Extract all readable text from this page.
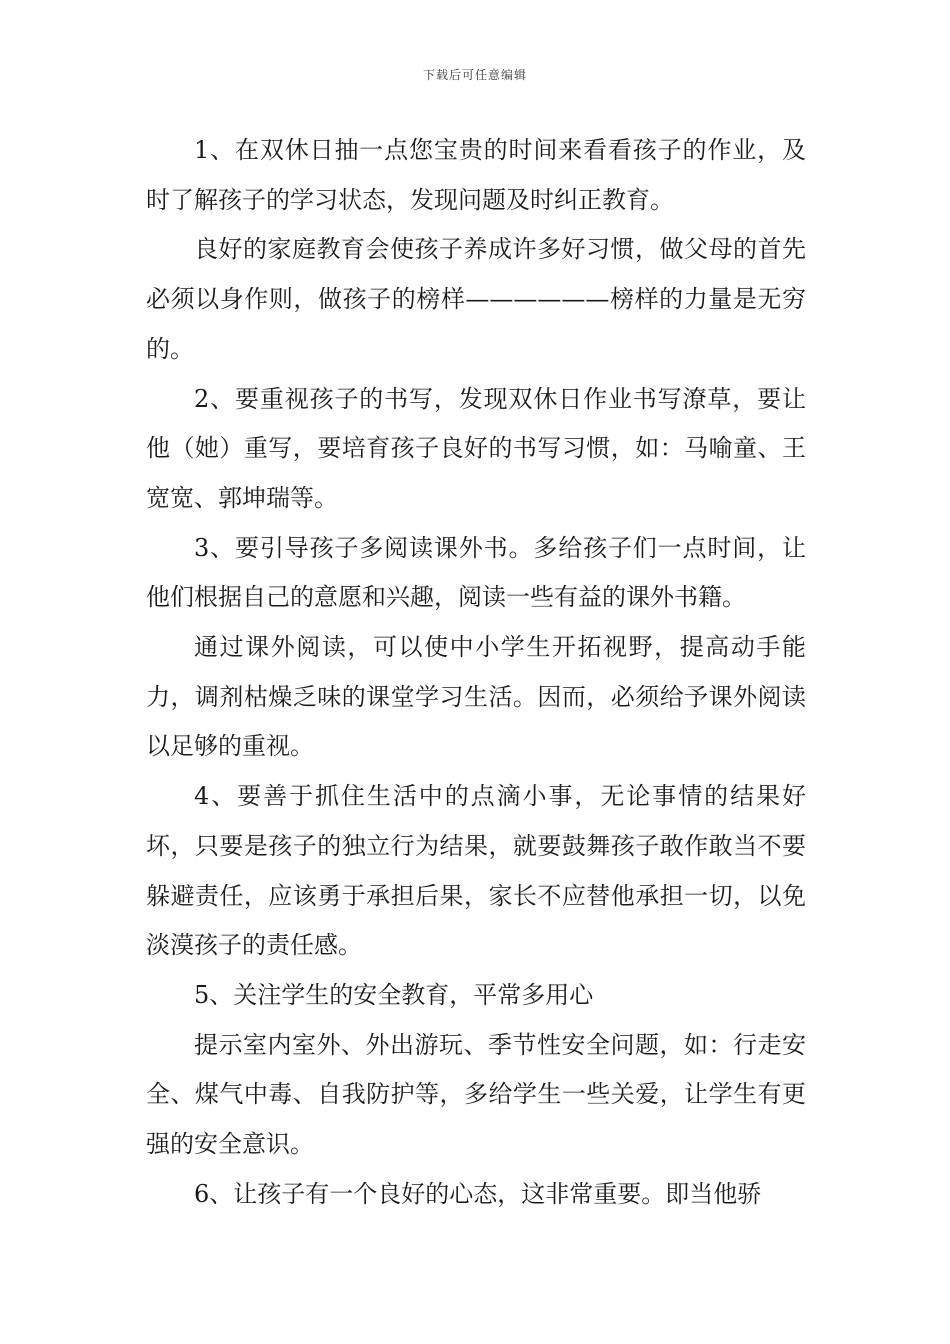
下载后可任意编辑

1、在双休日抽一点您宝贵的时间来看看孩子的作业，及时了解孩子的学习状态，发现问题及时纠正教育。

良好的家庭教育会使孩子养成许多好习惯，做父母的首先必须以身作则，做孩子的榜样——————榜样的力量是无穷的。

2、要重视孩子的书写，发现双休日作业书写潦草，要让他（她）重写，要培育孩子良好的书写习惯，如：马喻童、王宽宽、郭坤瑞等。

3、要引导孩子多阅读课外书。多给孩子们一点时间，让他们根据自己的意愿和兴趣，阅读一些有益的课外书籍。

通过课外阅读，可以使中小学生开拓视野，提高动手能力，调剂枯燥乏味的课堂学习生活。因而，必须给予课外阅读以足够的重视。

4、要善于抓住生活中的点滴小事，无论事情的结果好坏，只要是孩子的独立行为结果，就要鼓舞孩子敢作敢当不要躲避责任，应该勇于承担后果，家长不应替他承担一切，以免淡漠孩子的责任感。

5、关注学生的安全教育，平常多用心

提示室内室外、外出游玩、季节性安全问题，如：行走安全、煤气中毒、自我防护等，多给学生一些关爱，让学生有更强的安全意识。

6、让孩子有一个良好的心态，这非常重要。即当他骄
